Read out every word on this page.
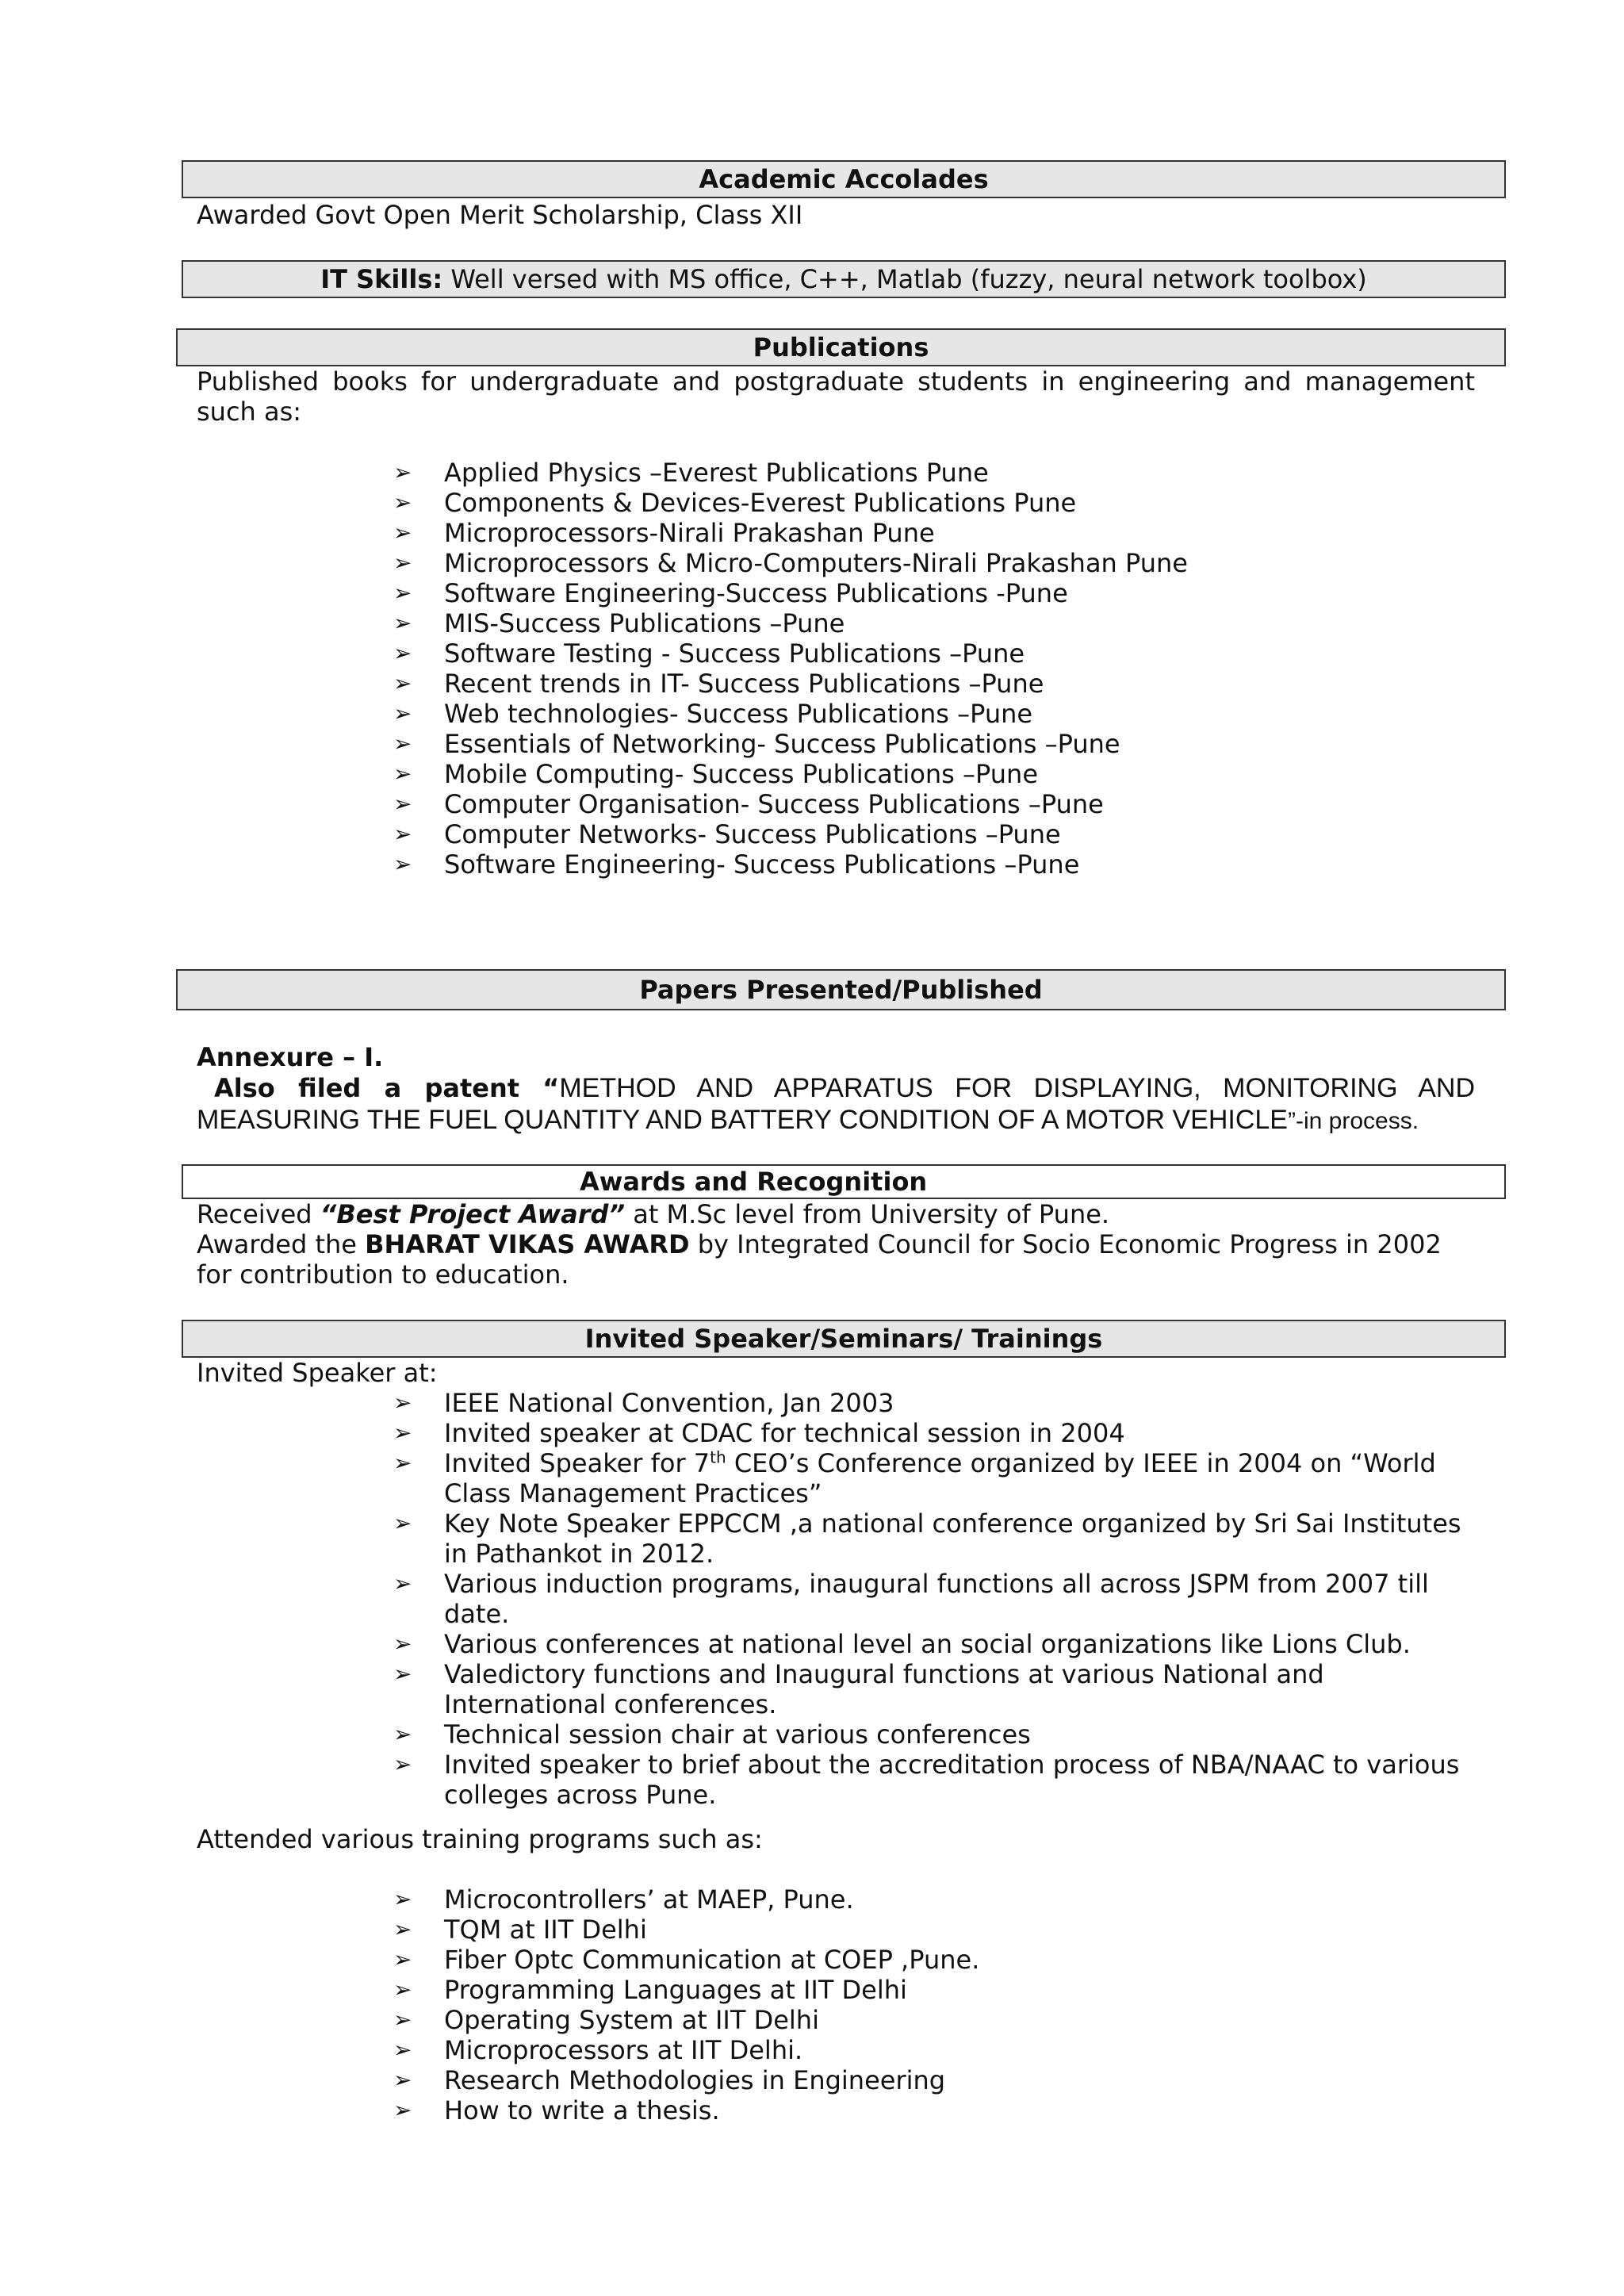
Academic Accolades
Awarded Govt Open Merit Scholarship, Class XII
IT Skills: Well versed with MS office, C++, Matlab (fuzzy, neural network toolbox)
Publications
Published books for undergraduate and postgraduate students in engineering and management such as:
➢ Applied Physics –Everest Publications Pune
➢ Components & Devices-Everest Publications Pune
➢ Microprocessors-Nirali Prakashan Pune
➢ Microprocessors & Micro-Computers-Nirali Prakashan Pune
➢ Software Engineering-Success Publications -Pune
➢ MIS-Success Publications –Pune
➢ Software Testing - Success Publications –Pune
➢ Recent trends in IT- Success Publications –Pune
➢ Web technologies- Success Publications –Pune
➢ Essentials of Networking- Success Publications –Pune
➢ Mobile Computing- Success Publications –Pune
➢ Computer Organisation- Success Publications –Pune
➢ Computer Networks- Success Publications –Pune
➢ Software Engineering- Success Publications –Pune
Papers Presented/Published
Annexure – I.
Also filed a patent “METHOD AND APPARATUS FOR DISPLAYING, MONITORING AND MEASURING THE FUEL QUANTITY AND BATTERY CONDITION OF A MOTOR VEHICLE”-in process.
Awards and Recognition
Received “Best Project Award” at M.Sc level from University of Pune.
Awarded the BHARAT VIKAS AWARD by Integrated Council for Socio Economic Progress in 2002 for contribution to education.
Invited Speaker/Seminars/ Trainings
Invited Speaker at:
➢ IEEE National Convention, Jan 2003
➢ Invited speaker at CDAC for technical session in 2004
➢ Invited Speaker for 7th CEO’s Conference organized by IEEE in 2004 on “World Class Management Practices”
➢ Key Note Speaker EPPCCM ,a national conference organized by Sri Sai Institutes in Pathankot in 2012.
➢ Various induction programs, inaugural functions all across JSPM from 2007 till date.
➢ Various conferences at national level an social organizations like Lions Club.
➢ Valedictory functions and Inaugural functions at various National and International conferences.
➢ Technical session chair at various conferences
➢ Invited speaker to brief about the accreditation process of NBA/NAAC to various colleges across Pune.
Attended various training programs such as:
➢ Microcontrollers’ at MAEP, Pune.
➢ TQM at IIT Delhi
➢ Fiber Optc Communication at COEP ,Pune.
➢ Programming Languages at IIT Delhi
➢ Operating System at IIT Delhi
➢ Microprocessors at IIT Delhi.
➢ Research Methodologies in Engineering
➢ How to write a thesis.
